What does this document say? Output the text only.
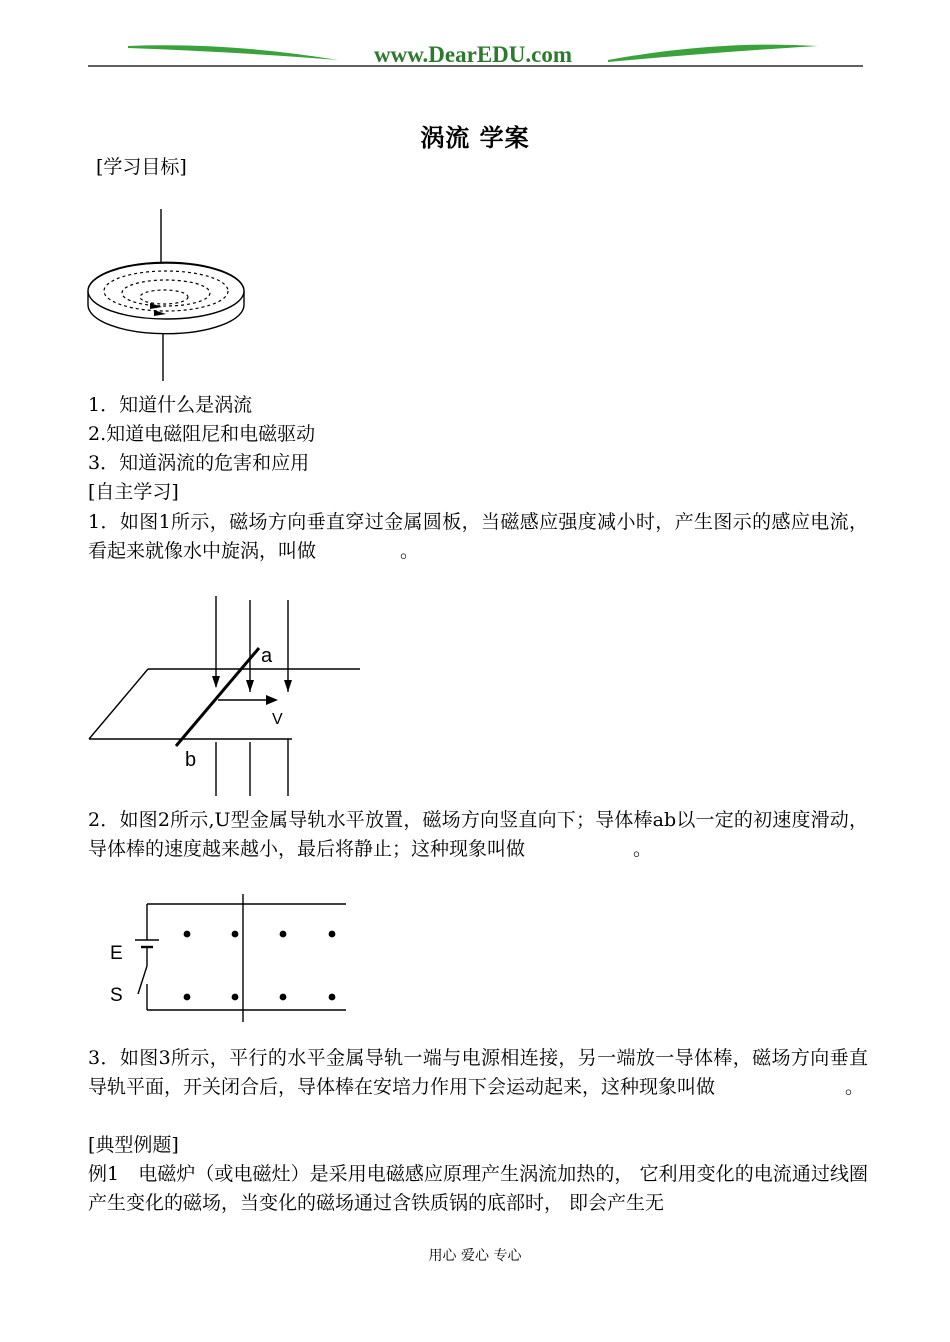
www.DearEDU.com
涡流 学案
[学习目标]
1．知道什么是涡流
2.知道电磁阻尼和电磁驱动
3．知道涡流的危害和应用
[自主学习]
1．如图1所示，磁场方向垂直穿过金属圆板，当磁感应强度减小时，产生图示的感应电流，看起来就像水中旋涡，叫做	。
a
V
b
2．如图2所示,U型金属导轨水平放置，磁场方向竖直向下；导体棒ab以一定的初速度滑动，导体棒的速度越来越小，最后将静止；这种现象叫做	。
E
S
3．如图3所示，平行的水平金属导轨一端与电源相连接，另一端放一导体棒，磁场方向垂直导轨平面，开关闭合后，导体棒在安培力作用下会运动起来，这种现象叫做	。
[典型例题]
例1　电磁炉（或电磁灶）是采用电磁感应原理产生涡流加热的， 它利用变化的电流通过线圈产生变化的磁场，当变化的磁场通过含铁质锅的底部时， 即会产生无
用心 爱心 专心
